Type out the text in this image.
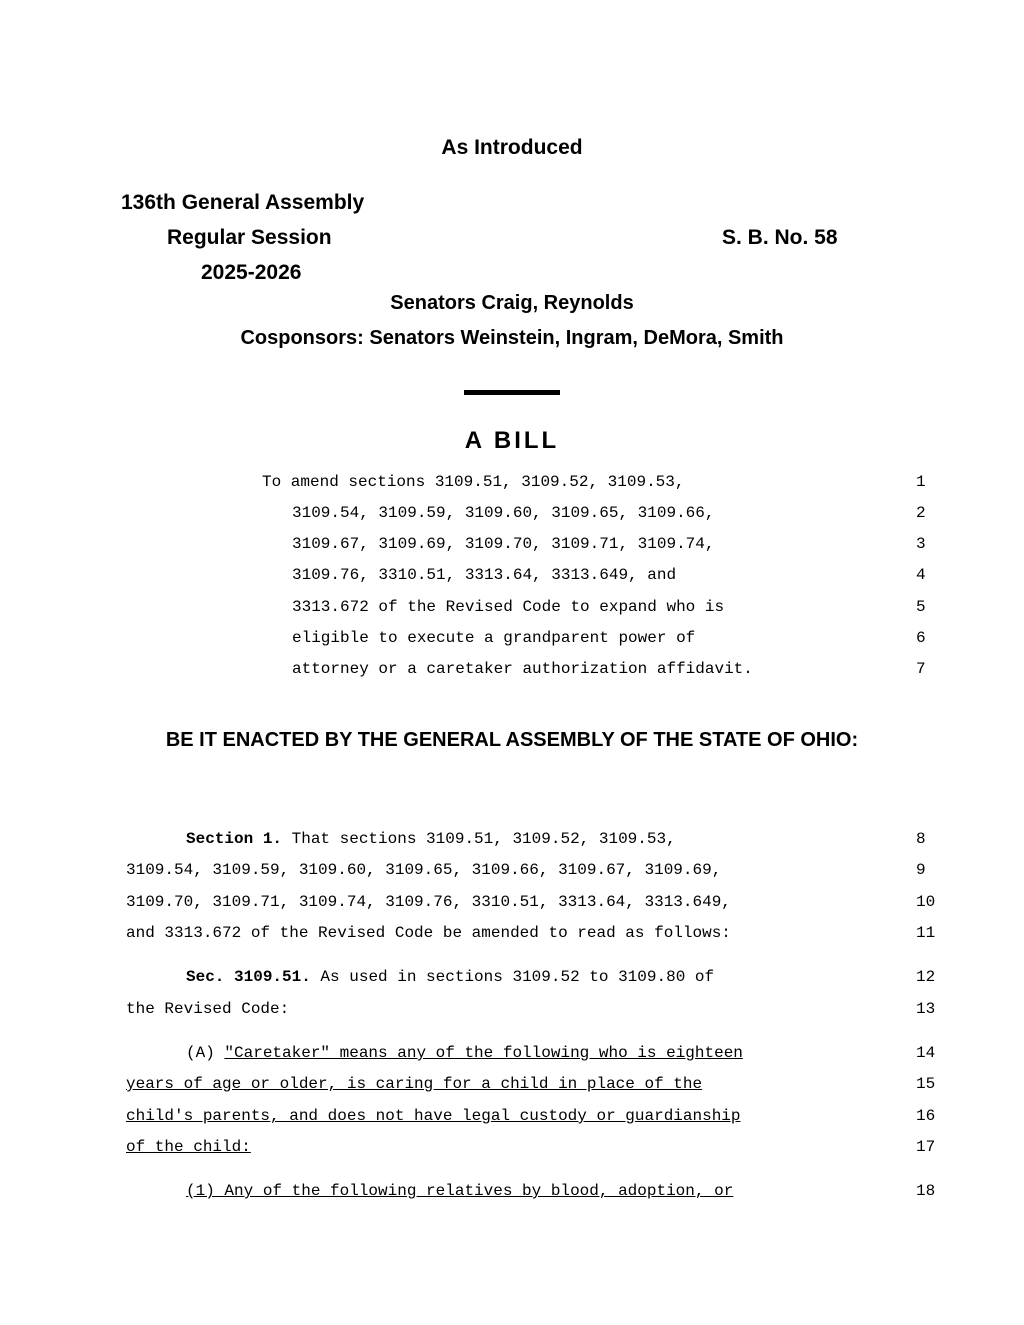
As Introduced
136th General Assembly
Regular Session	S. B. No. 58
2025-2026
Senators Craig, Reynolds
Cosponsors: Senators Weinstein, Ingram, DeMora, Smith
A BILL
To amend sections 3109.51, 3109.52, 3109.53,
3109.54, 3109.59, 3109.60, 3109.65, 3109.66,
3109.67, 3109.69, 3109.70, 3109.71, 3109.74,
3109.76, 3310.51, 3313.64, 3313.649, and
3313.672 of the Revised Code to expand who is
eligible to execute a grandparent power of
attorney or a caretaker authorization affidavit.
BE IT ENACTED BY THE GENERAL ASSEMBLY OF THE STATE OF OHIO:
Section 1. That sections 3109.51, 3109.52, 3109.53,
3109.54, 3109.59, 3109.60, 3109.65, 3109.66, 3109.67, 3109.69,
3109.70, 3109.71, 3109.74, 3109.76, 3310.51, 3313.64, 3313.649,
and 3313.672 of the Revised Code be amended to read as follows:
Sec. 3109.51. As used in sections 3109.52 to 3109.80 of
the Revised Code:
(A) "Caretaker" means any of the following who is eighteen
years of age or older, is caring for a child in place of the
child's parents, and does not have legal custody or guardianship
of the child:
(1) Any of the following relatives by blood, adoption, or
1
2
3
4
5
6
7
8
9
10
11
12
13
14
15
16
17
18
